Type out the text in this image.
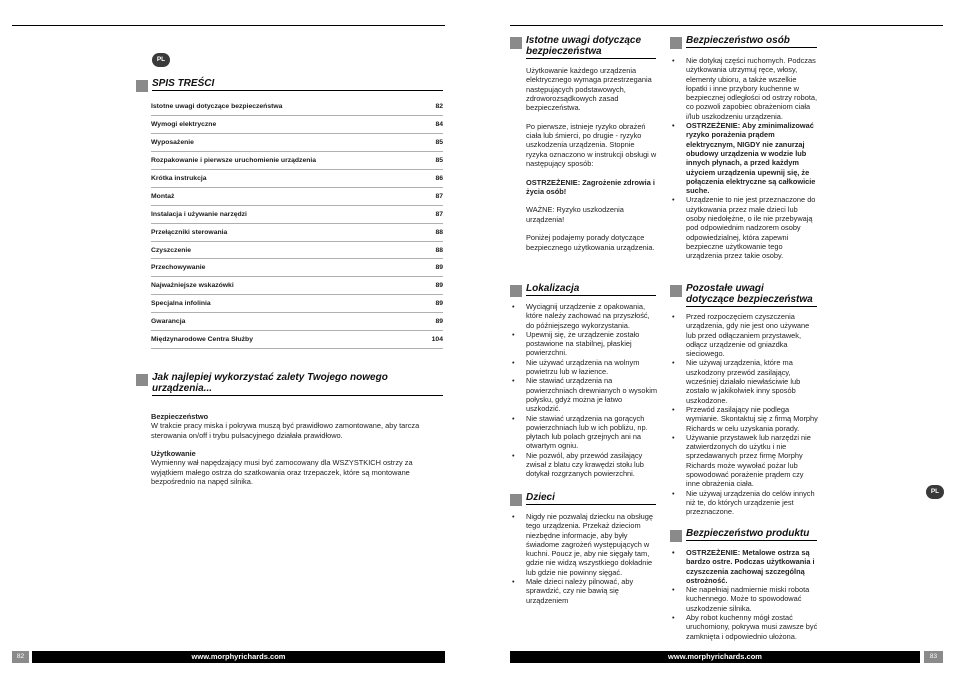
PL
SPIS TREŚCI
Istotne uwagi dotyczące bezpieczeństwa	82
Wymogi elektryczne	84
Wyposażenie	85
Rozpakowanie i pierwsze uruchomienie urządzenia	85
Krótka instrukcja	86
Montaż	87
Instalacja i używanie narzędzi	87
Przełączniki sterowania	88
Czyszczenie	88
Przechowywanie	89
Najważniejsze wskazówki	89
Specjalna infolinia	89
Gwarancja	89
Międzynarodowe Centra Służby	104
Jak najlepiej wykorzystać zalety Twojego nowego
urządzenia...
Bezpieczeństwo

W trakcie pracy miska i pokrywa muszą być prawidłowo zamontowane, aby tarcza sterowania on/off i trybu pulsacyjnego działała prawidłowo.

Użytkowanie

Wymienny wał napędzający musi być zamocowany dla WSZYSTKICH ostrzy za wyjątkiem małego ostrza do szatkowania oraz trzepaczek, które są montowane bezpośrednio na napęd silnika.

82	www.morphyrichards.com
Istotne uwagi dotyczące
bezpieczeństwa

Użytkowanie każdego urządzenia elektrycznego wymaga przestrzegania następujących podstawowych, zdroworozsądkowych zasad bezpieczeństwa.

Po pierwsze, istnieje ryzyko obrażeń ciała lub śmierci, po drugie - ryzyko uszkodzenia urządzenia. Stopnie ryzyka oznaczono w instrukcji obsługi w następujący sposób:

OSTRZEŻENIE: Zagrożenie zdrowia i życia osób!

WAŻNE: Ryzyko uszkodzenia urządzenia!

Poniżej podajemy porady dotyczące bezpiecznego użytkowania urządzenia.

Lokalizacja
• Wyciągnij urządzenie z opakowania, które należy zachować na przyszłość, do późniejszego wykorzystania.
• Upewnij się, że urządzenie zostało postawione na stabilnej, płaskiej powierzchni.
• Nie używać urządzenia na wolnym powietrzu lub w łazience.
• Nie stawiać urządzenia na powierzchniach drewnianych o wysokim połysku, gdyż można je łatwo uszkodzić.
• Nie stawiać urządzenia na gorących powierzchniach lub w ich pobliżu, np. płytach lub polach grzejnych ani na otwartym ogniu.
• Nie pozwól, aby przewód zasilający zwisał z blatu czy krawędzi stołu lub dotykał rozgrzanych powierzchni.
Dzieci
• Nigdy nie pozwalaj dziecku na obsługę tego urządzenia. Przekaż dzieciom niezbędne informacje, aby były świadome zagrożeń występujących w kuchni. Poucz je, aby nie sięgały tam, gdzie nie widzą wszystkiego dokładnie lub gdzie nie powinny sięgać.
• Małe dzieci należy pilnować, aby sprawdzić, czy nie bawią się urządzeniem
Bezpieczeństwo osób
• Nie dotykaj części ruchomych. Podczas użytkowania utrzymuj ręce, włosy, elementy ubioru, a także wszelkie łopatki i inne przybory kuchenne w bezpiecznej odległości od ostrzy robota, co pozwoli zapobiec obrażeniom ciała i/lub uszkodzeniu urządzenia.
• OSTRZEŻENIE: Aby zminimalizować ryzyko porażenia prądem elektrycznym, NIGDY nie zanurzaj obudowy urządzenia w wodzie lub innych płynach, a przed każdym użyciem urządzenia upewnij się, że połączenia elektryczne są całkowicie suche.
• Urządzenie to nie jest przeznaczone do użytkowania przez małe dzieci lub osoby niedołężne, o ile nie przebywają pod odpowiednim nadzorem osoby odpowiedzialnej, która zapewni bezpieczne użytkowanie tego urządzenia przez takie osoby.
Pozostałe uwagi
dotyczące bezpieczeństwa
• Przed rozpoczęciem czyszczenia urządzenia, gdy nie jest ono używane lub przed odłączaniem przystawek, odłącz urządzenie od gniazdka sieciowego.
• Nie używaj urządzenia, które ma uszkodzony przewód zasilający, wcześniej działało niewłaściwie lub zostało w jakikolwiek inny sposób uszkodzone.
• Przewód zasilający nie podlega wymianie. Skontaktuj się z firmą Morphy Richards w celu uzyskania porady.
• Używanie przystawek lub narzędzi nie zatwierdzonych do użytku i nie sprzedawanych przez firmę Morphy Richards może wywołać pożar lub spowodować porażenie prądem czy inne obrażenia ciała.
• Nie używaj urządzenia do celów innych niż te, do których urządzenie jest przeznaczone.
Bezpieczeństwo produktu
• OSTRZEŻENIE: Metalowe ostrza są bardzo ostre. Podczas użytkowania i czyszczenia zachowaj szczególną ostrożność.
• Nie napełniaj nadmiernie miski robota kuchennego. Może to spowodować uszkodzenie silnika.
• Aby robot kuchenny mógł zostać uruchomiony, pokrywa musi zawsze być zamknięta i odpowiednio ułożona.
PL
www.morphyrichards.com	83
